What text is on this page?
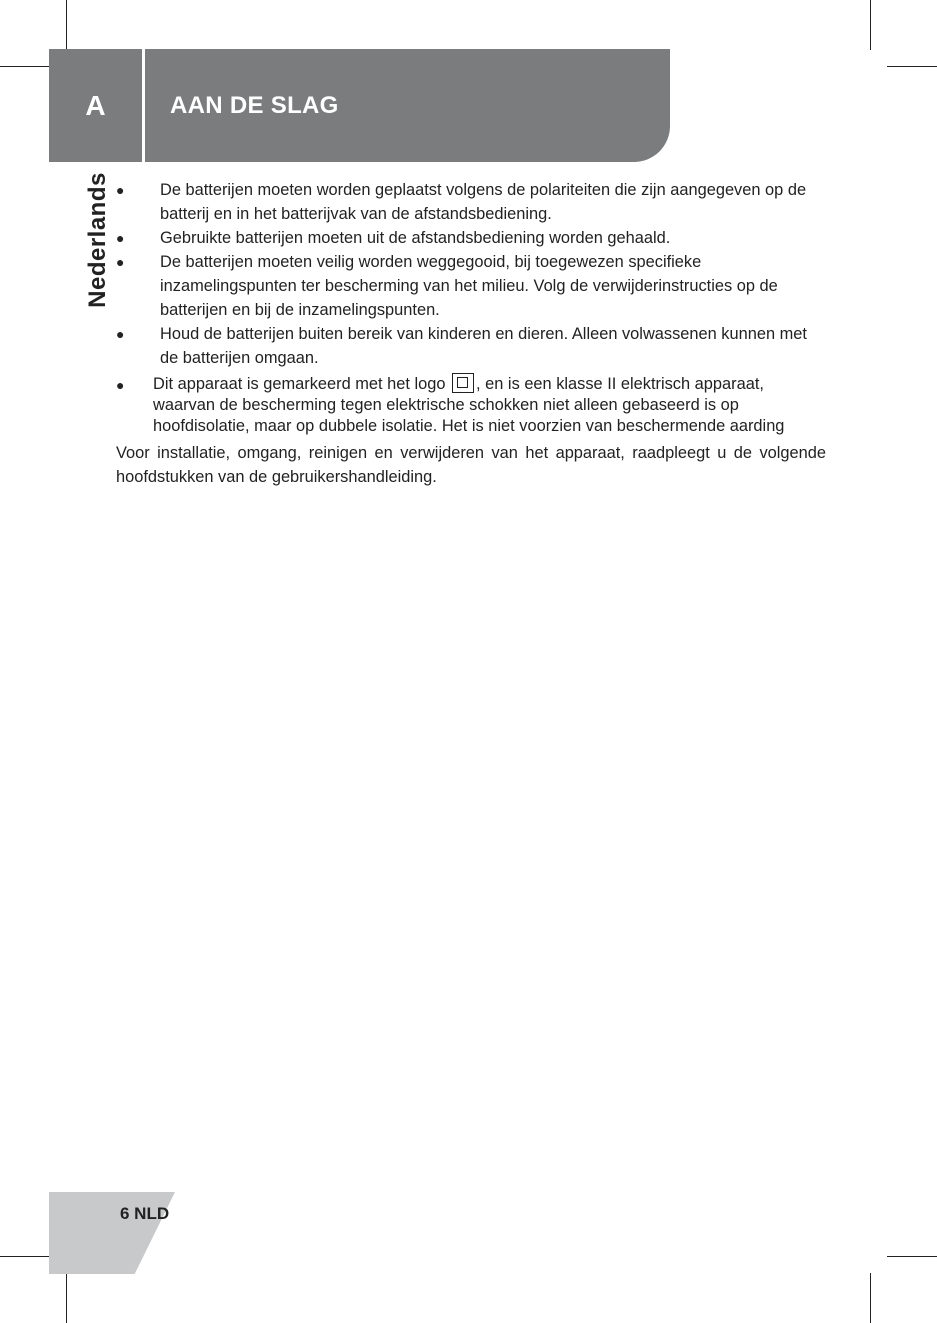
A	AAN DE SLAG
Nederlands ●	De batterijen moeten worden geplaatst volgens de polariteiten die zijn aangegeven op de batterij en in het batterijvak van de afstandsbediening.
●	Gebruikte batterijen moeten uit de afstandsbediening worden gehaald.
●	De batterijen moeten veilig worden weggegooid, bij toegewezen specifieke inzamelingspunten ter bescherming van het milieu. Volg de verwijderinstructies op de batterijen en bij de inzamelingspunten.
●	Houd de batterijen buiten bereik van kinderen en dieren. Alleen volwassenen kunnen met de batterijen omgaan.
●	Dit apparaat is gemarkeerd met het logo , en is een klasse II elektrisch apparaat, waarvan de bescherming tegen elektrische schokken niet alleen gebaseerd is op hoofdisolatie, maar op dubbele isolatie. Het is niet voorzien van beschermende aarding

Voor installatie, omgang, reinigen en verwijderen van het apparaat, raadpleegt u de volgende hoofdstukken van de gebruikershandleiding.

6 NLD
